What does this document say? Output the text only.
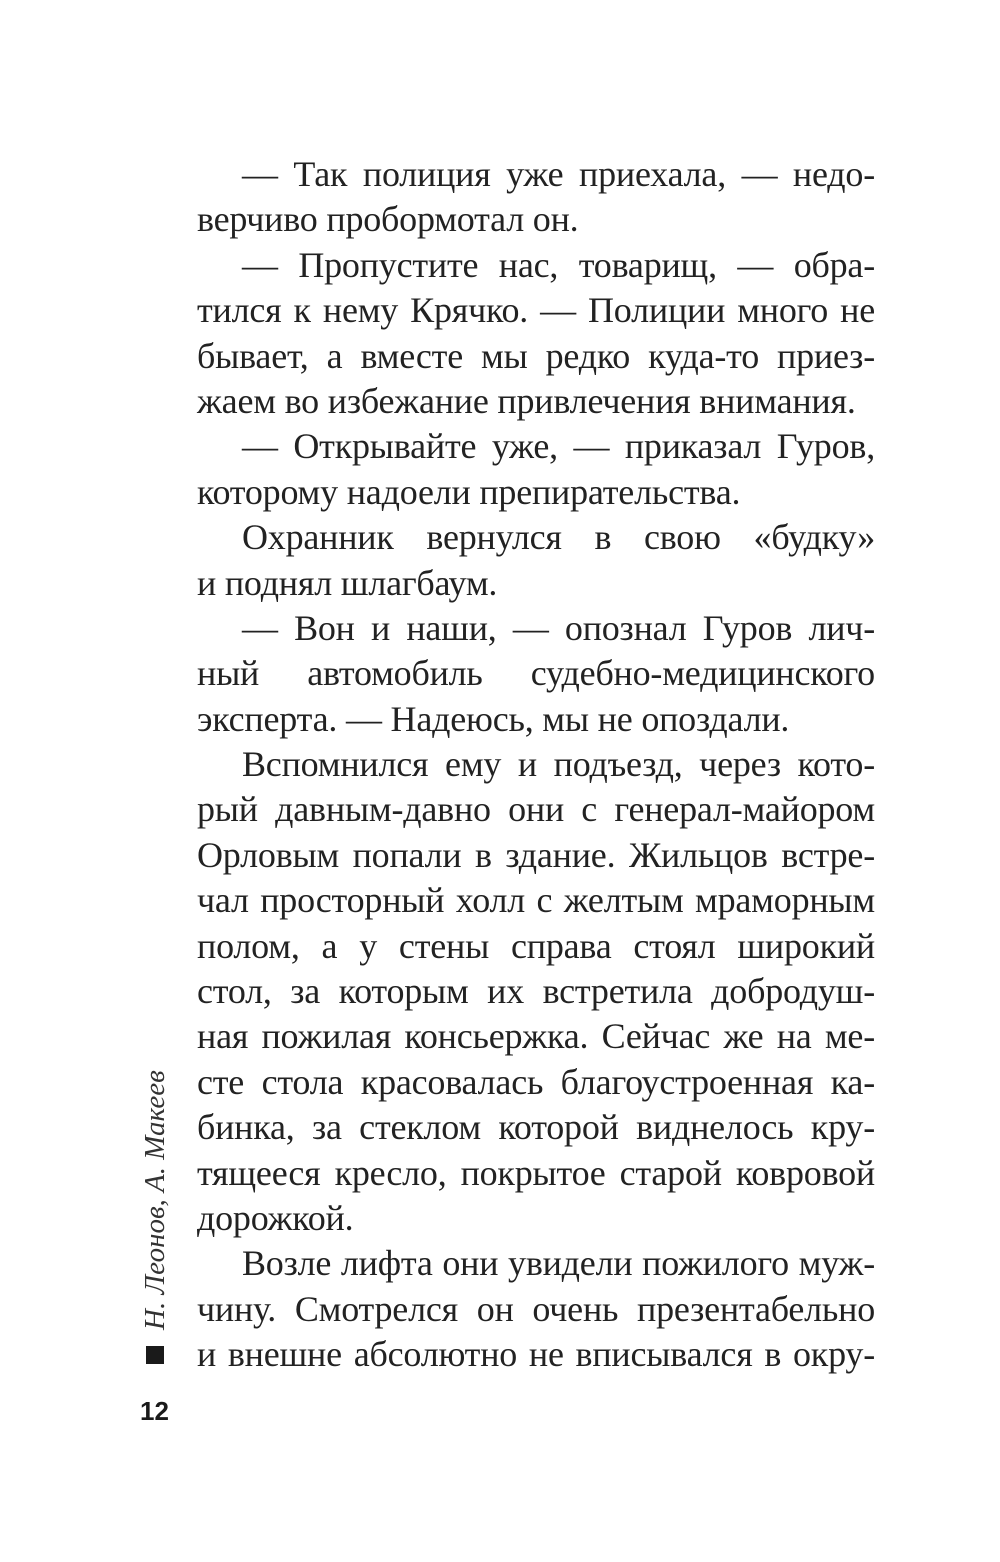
— Так полиция уже приехала, — недо-
верчиво пробормотал он.
— Пропустите нас, товарищ, — обра-
тился к нему Крячко. — Полиции много не
бывает, а вместе мы редко куда-то приез-
жаем во избежание привлечения внимания.
— Открывайте уже, — приказал Гуров,
которому надоели препирательства.
Охранник вернулся в свою «будку»
и поднял шлагбаум.
— Вон и наши, — опознал Гуров лич-
ный автомобиль судебно-медицинского
эксперта. — Надеюсь, мы не опоздали.
Вспомнился ему и подъезд, через кото-
рый давным-давно они с генерал-майором
Орловым попали в здание. Жильцов встре-
чал просторный холл с желтым мраморным
полом, а у стены справа стоял широкий
стол, за которым их встретила добродуш-
ная пожилая консьержка. Сейчас же на ме-
сте стола красовалась благоустроенная ка-
бинка, за стеклом которой виднелось кру-
тящееся кресло, покрытое старой ковровой
дорожкой.
Возле лифта они увидели пожилого муж-
чину. Смотрелся он очень презентабельно
и внешне абсолютно не вписывался в окру-
Н. Леонов, А. Макеев
12
